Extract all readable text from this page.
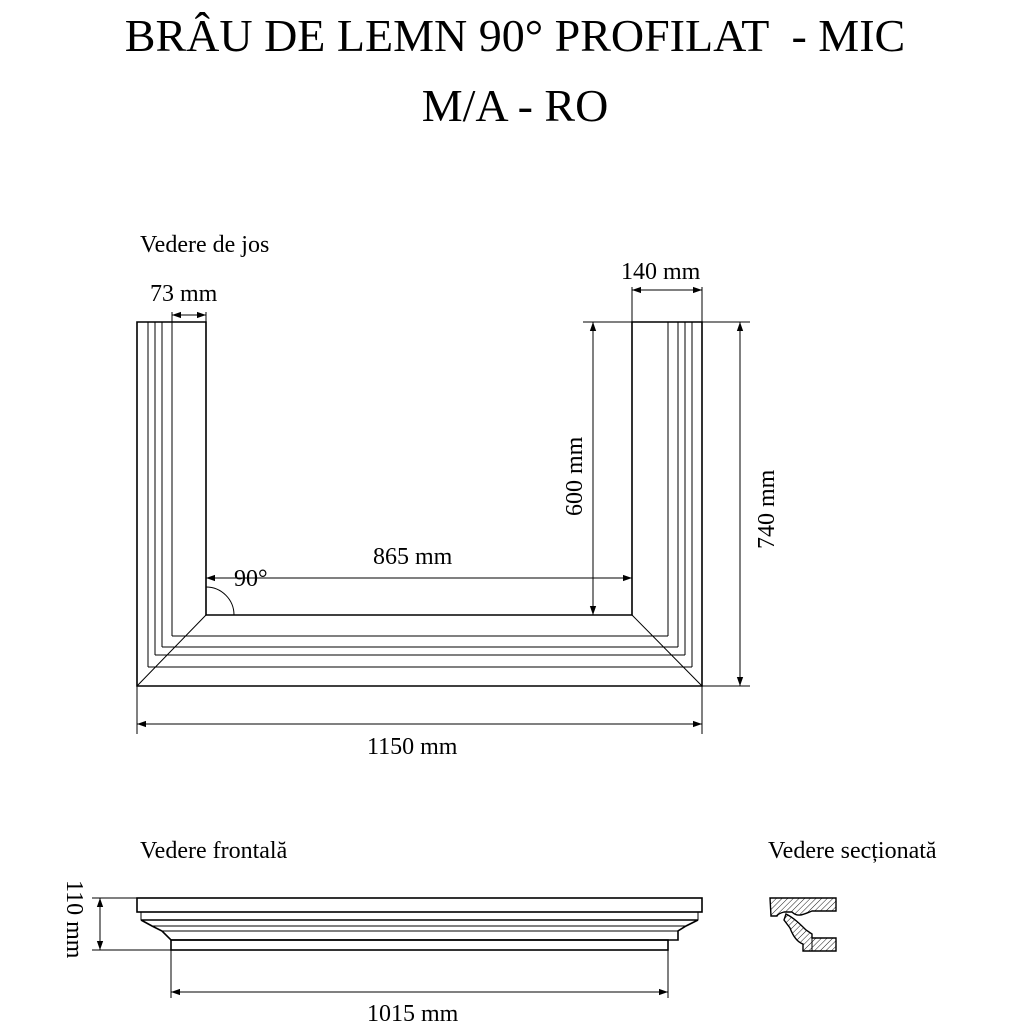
BRÂU DE LEMN 90° PROFILAT  - MIC
M/A - RO
Vedere de jos
73 mm
140 mm
600 mm	740 mm
865 mm
90°
1150 mm
Vedere frontală
110 mm
1015 mm
Vedere secționată
